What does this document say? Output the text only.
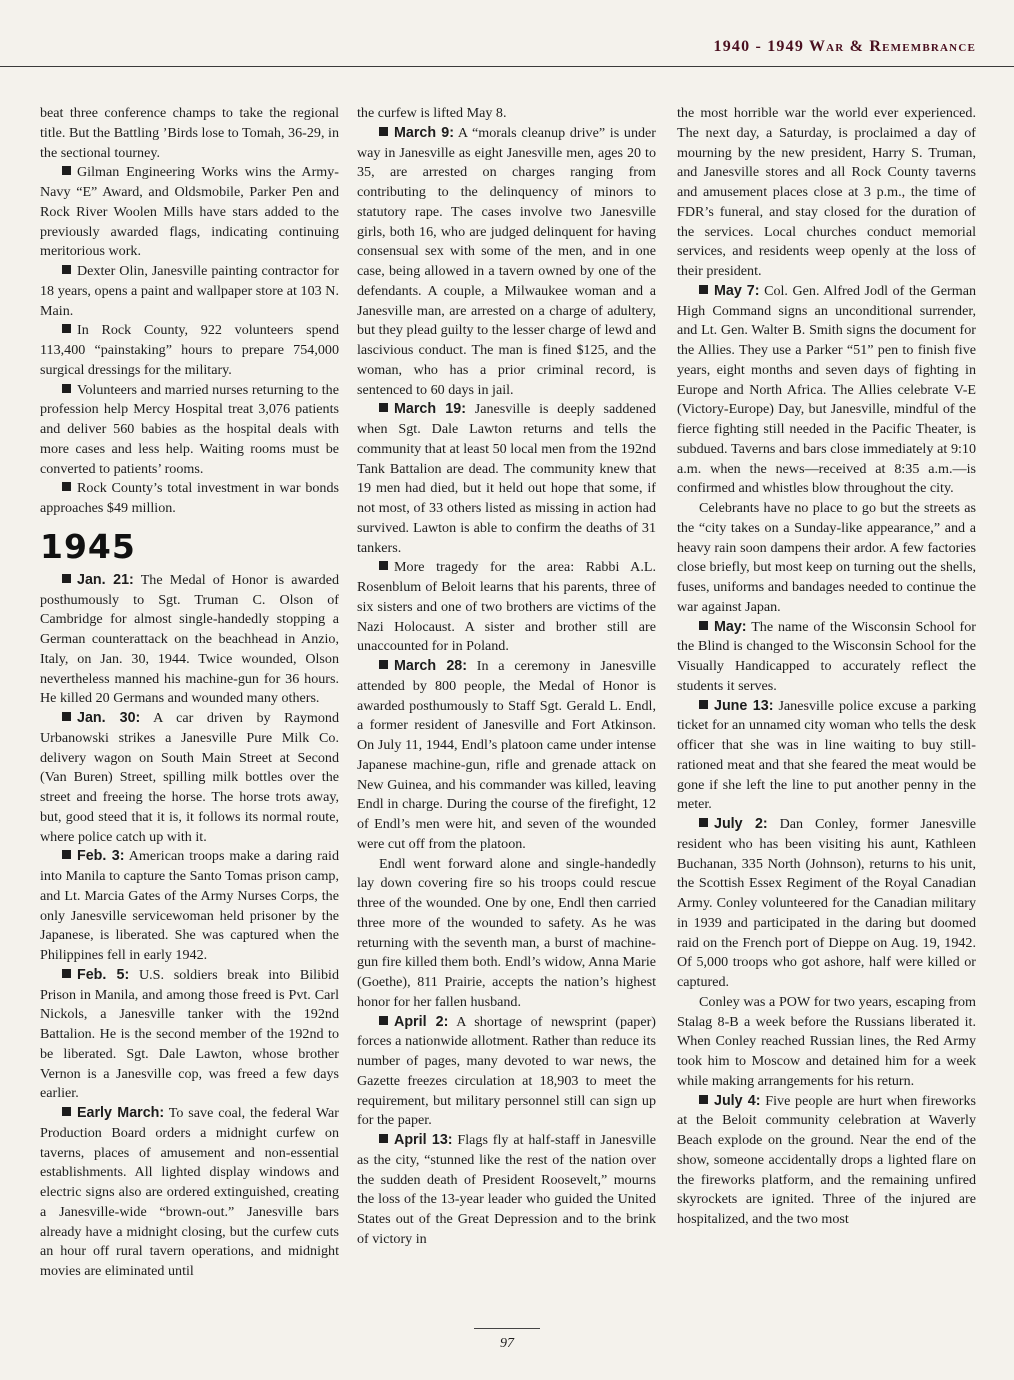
1940 - 1949 War & Remembrance

beat three conference champs to take the regional title. But the Battling ’Birds lose to Tomah, 36-29, in the sectional tourney.

Gilman Engineering Works wins the Army-Navy “E” Award, and Oldsmobile, Parker Pen and Rock River Woolen Mills have stars added to the previously awarded flags, indicating continuing meritorious work.

Dexter Olin, Janesville painting contractor for 18 years, opens a paint and wallpaper store at 103 N. Main.

In Rock County, 922 volunteers spend 113,400 “painstaking” hours to prepare 754,000 surgical dressings for the military.

Volunteers and married nurses returning to the profession help Mercy Hospital treat 3,076 patients and deliver 560 babies as the hospital deals with more cases and less help. Waiting rooms must be converted to patients’ rooms.

Rock County’s total investment in war bonds approaches $49 million.

1945

Jan. 21: The Medal of Honor is awarded posthumously to Sgt. Truman C. Olson of Cambridge for almost single-handedly stopping a German counterattack on the beachhead in Anzio, Italy, on Jan. 30, 1944. Twice wounded, Olson nevertheless manned his machine-gun for 36 hours. He killed 20 Germans and wounded many others.

Jan. 30: A car driven by Raymond Urbanowski strikes a Janesville Pure Milk Co. delivery wagon on South Main Street at Second (Van Buren) Street, spilling milk bottles over the street and freeing the horse. The horse trots away, but, good steed that it is, it follows its normal route, where police catch up with it.

Feb. 3: American troops make a daring raid into Manila to capture the Santo Tomas prison camp, and Lt. Marcia Gates of the Army Nurses Corps, the only Janesville servicewoman held prisoner by the Japanese, is liberated. She was captured when the Philippines fell in early 1942.

Feb. 5: U.S. soldiers break into Bilibid Prison in Manila, and among those freed is Pvt. Carl Nickols, a Janesville tanker with the 192nd Battalion. He is the second member of the 192nd to be liberated. Sgt. Dale Lawton, whose brother Vernon is a Janesville cop, was freed a few days earlier.

Early March: To save coal, the federal War Production Board orders a midnight curfew on taverns, places of amusement and non-essential establishments. All lighted display windows and electric signs also are ordered extinguished, creating a Janesville-wide “brown-out.” Janesville bars already have a midnight closing, but the curfew cuts an hour off rural tavern operations, and midnight movies are eliminated until

the curfew is lifted May 8.

March 9: A “morals cleanup drive” is under way in Janesville as eight Janesville men, ages 20 to 35, are arrested on charges ranging from contributing to the delinquency of minors to statutory rape. The cases involve two Janesville girls, both 16, who are judged delinquent for having consensual sex with some of the men, and in one case, being allowed in a tavern owned by one of the defendants. A couple, a Milwaukee woman and a Janesville man, are arrested on a charge of adultery, but they plead guilty to the lesser charge of lewd and lascivious conduct. The man is fined $125, and the woman, who has a prior criminal record, is sentenced to 60 days in jail.

March 19: Janesville is deeply saddened when Sgt. Dale Lawton returns and tells the community that at least 50 local men from the 192nd Tank Battalion are dead. The community knew that 19 men had died, but it held out hope that some, if not most, of 33 others listed as missing in action had survived. Lawton is able to confirm the deaths of 31 tankers.

More tragedy for the area: Rabbi A.L. Rosenblum of Beloit learns that his parents, three of six sisters and one of two brothers are victims of the Nazi Holocaust. A sister and brother still are unaccounted for in Poland.

March 28: In a ceremony in Janesville attended by 800 people, the Medal of Honor is awarded posthumously to Staff Sgt. Gerald L. Endl, a former resident of Janesville and Fort Atkinson. On July 11, 1944, Endl’s platoon came under intense Japanese machine-gun, rifle and grenade attack on New Guinea, and his commander was killed, leaving Endl in charge. During the course of the firefight, 12 of Endl’s men were hit, and seven of the wounded were cut off from the platoon.

Endl went forward alone and single-handedly lay down covering fire so his troops could rescue three of the wounded. One by one, Endl then carried three more of the wounded to safety. As he was returning with the seventh man, a burst of machine-gun fire killed them both. Endl’s widow, Anna Marie (Goethe), 811 Prairie, accepts the nation’s highest honor for her fallen husband.

April 2: A shortage of newsprint (paper) forces a nationwide allotment. Rather than reduce its number of pages, many devoted to war news, the Gazette freezes circulation at 18,903 to meet the requirement, but military personnel still can sign up for the paper.

April 13: Flags fly at half-staff in Janesville as the city, “stunned like the rest of the nation over the sudden death of President Roosevelt,” mourns the loss of the 13-year leader who guided the United States out of the Great Depression and to the brink of victory in

the most horrible war the world ever experienced. The next day, a Saturday, is proclaimed a day of mourning by the new president, Harry S. Truman, and Janesville stores and all Rock County taverns and amusement places close at 3 p.m., the time of FDR’s funeral, and stay closed for the duration of the services. Local churches conduct memorial services, and residents weep openly at the loss of their president.

May 7: Col. Gen. Alfred Jodl of the German High Command signs an unconditional surrender, and Lt. Gen. Walter B. Smith signs the document for the Allies. They use a Parker “51” pen to finish five years, eight months and seven days of fighting in Europe and North Africa. The Allies celebrate V-E (Victory-Europe) Day, but Janesville, mindful of the fierce fighting still needed in the Pacific Theater, is subdued. Taverns and bars close immediately at 9:10 a.m. when the news—received at 8:35 a.m.—is confirmed and whistles blow throughout the city.

Celebrants have no place to go but the streets as the “city takes on a Sunday-like appearance,” and a heavy rain soon dampens their ardor. A few factories close briefly, but most keep on turning out the shells, fuses, uniforms and bandages needed to continue the war against Japan.

May: The name of the Wisconsin School for the Blind is changed to the Wisconsin School for the Visually Handicapped to accurately reflect the students it serves.

June 13: Janesville police excuse a parking ticket for an unnamed city woman who tells the desk officer that she was in line waiting to buy still-rationed meat and that she feared the meat would be gone if she left the line to put another penny in the meter.

July 2: Dan Conley, former Janesville resident who has been visiting his aunt, Kathleen Buchanan, 335 North (Johnson), returns to his unit, the Scottish Essex Regiment of the Royal Canadian Army. Conley volunteered for the Canadian military in 1939 and participated in the daring but doomed raid on the French port of Dieppe on Aug. 19, 1942. Of 5,000 troops who got ashore, half were killed or captured.

Conley was a POW for two years, escaping from Stalag 8-B a week before the Russians liberated it. When Conley reached Russian lines, the Red Army took him to Moscow and detained him for a week while making arrangements for his return.

July 4: Five people are hurt when fireworks at the Beloit community celebration at Waverly Beach explode on the ground. Near the end of the show, someone accidentally drops a lighted flare on the fireworks platform, and the remaining unfired skyrockets are ignited. Three of the injured are hospitalized, and the two most

97
